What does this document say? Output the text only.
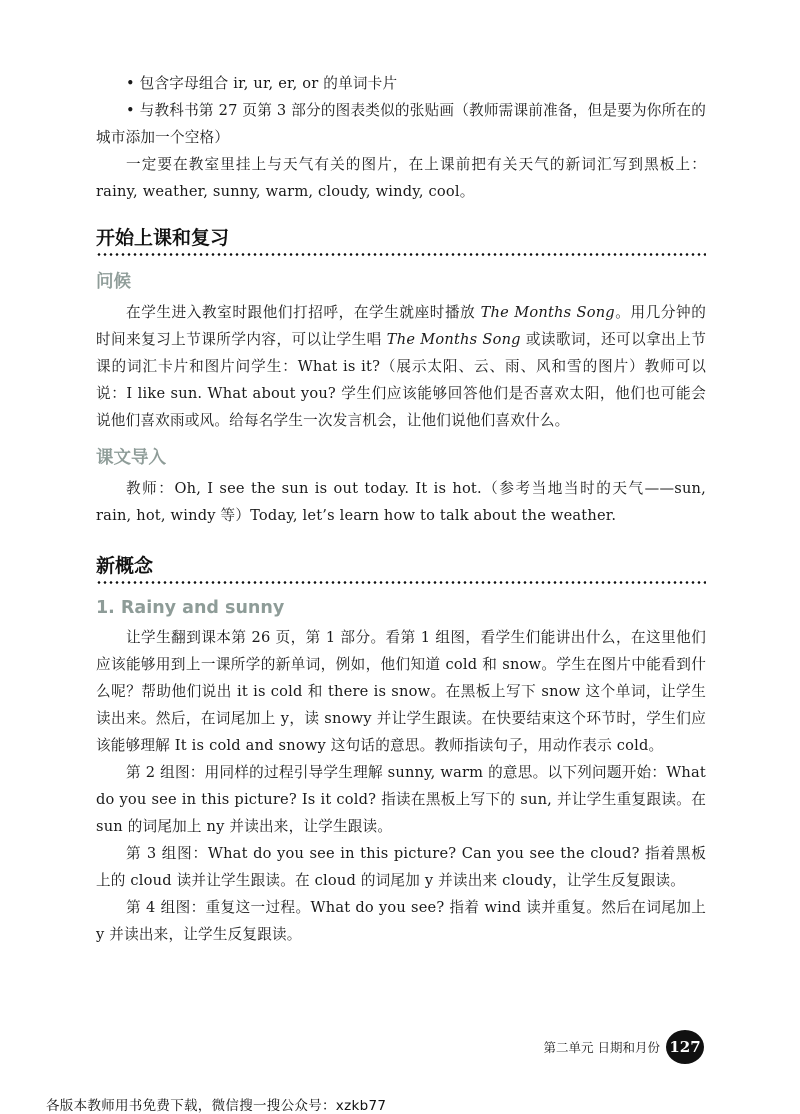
• 包含字母组合 ir, ur, er, or 的单词卡片

• 与教科书第 27 页第 3 部分的图表类似的张贴画（教师需课前准备，但是要为你所在的城市添加一个空格）

一定要在教室里挂上与天气有关的图片，在上课前把有关天气的新词汇写到黑板上：rainy, weather, sunny, warm, cloudy, windy, cool。

开始上课和复习
问候

在学生进入教室时跟他们打招呼，在学生就座时播放 The Months Song。用几分钟的时间来复习上节课所学内容，可以让学生唱 The Months Song 或读歌词，还可以拿出上节课的词汇卡片和图片问学生：What is it?（展示太阳、云、雨、风和雪的图片）教师可以说：I like sun. What about you? 学生们应该能够回答他们是否喜欢太阳，他们也可能会说他们喜欢雨或风。给每名学生一次发言机会，让他们说他们喜欢什么。

课文导入

教师：Oh, I see the sun is out today. It is hot.（参考当地当时的天气——sun, rain, hot, windy 等）Today, let’s learn how to talk about the weather.

新概念
1. Rainy and sunny

让学生翻到课本第 26 页，第 1 部分。看第 1 组图，看学生们能讲出什么，在这里他们应该能够用到上一课所学的新单词，例如，他们知道 cold 和 snow。学生在图片中能看到什么呢？帮助他们说出 it is cold 和 there is snow。在黑板上写下 snow 这个单词，让学生读出来。然后，在词尾加上 y，读 snowy 并让学生跟读。在快要结束这个环节时，学生们应该能够理解 It is cold and snowy 这句话的意思。教师指读句子，用动作表示 cold。

第 2 组图：用同样的过程引导学生理解 sunny, warm 的意思。以下列问题开始：What do you see in this picture? Is it cold? 指读在黑板上写下的 sun, 并让学生重复跟读。在 sun 的词尾加上 ny 并读出来，让学生跟读。

第 3 组图：What do you see in this picture? Can you see the cloud? 指着黑板上的 cloud 读并让学生跟读。在 cloud 的词尾加 y 并读出来 cloudy，让学生反复跟读。

第 4 组图：重复这一过程。What do you see? 指着 wind 读并重复。然后在词尾加上 y 并读出来，让学生反复跟读。

第二单元 日期和月份 127
各版本教师用书免费下载，微信搜一搜公众号：xzkb77
